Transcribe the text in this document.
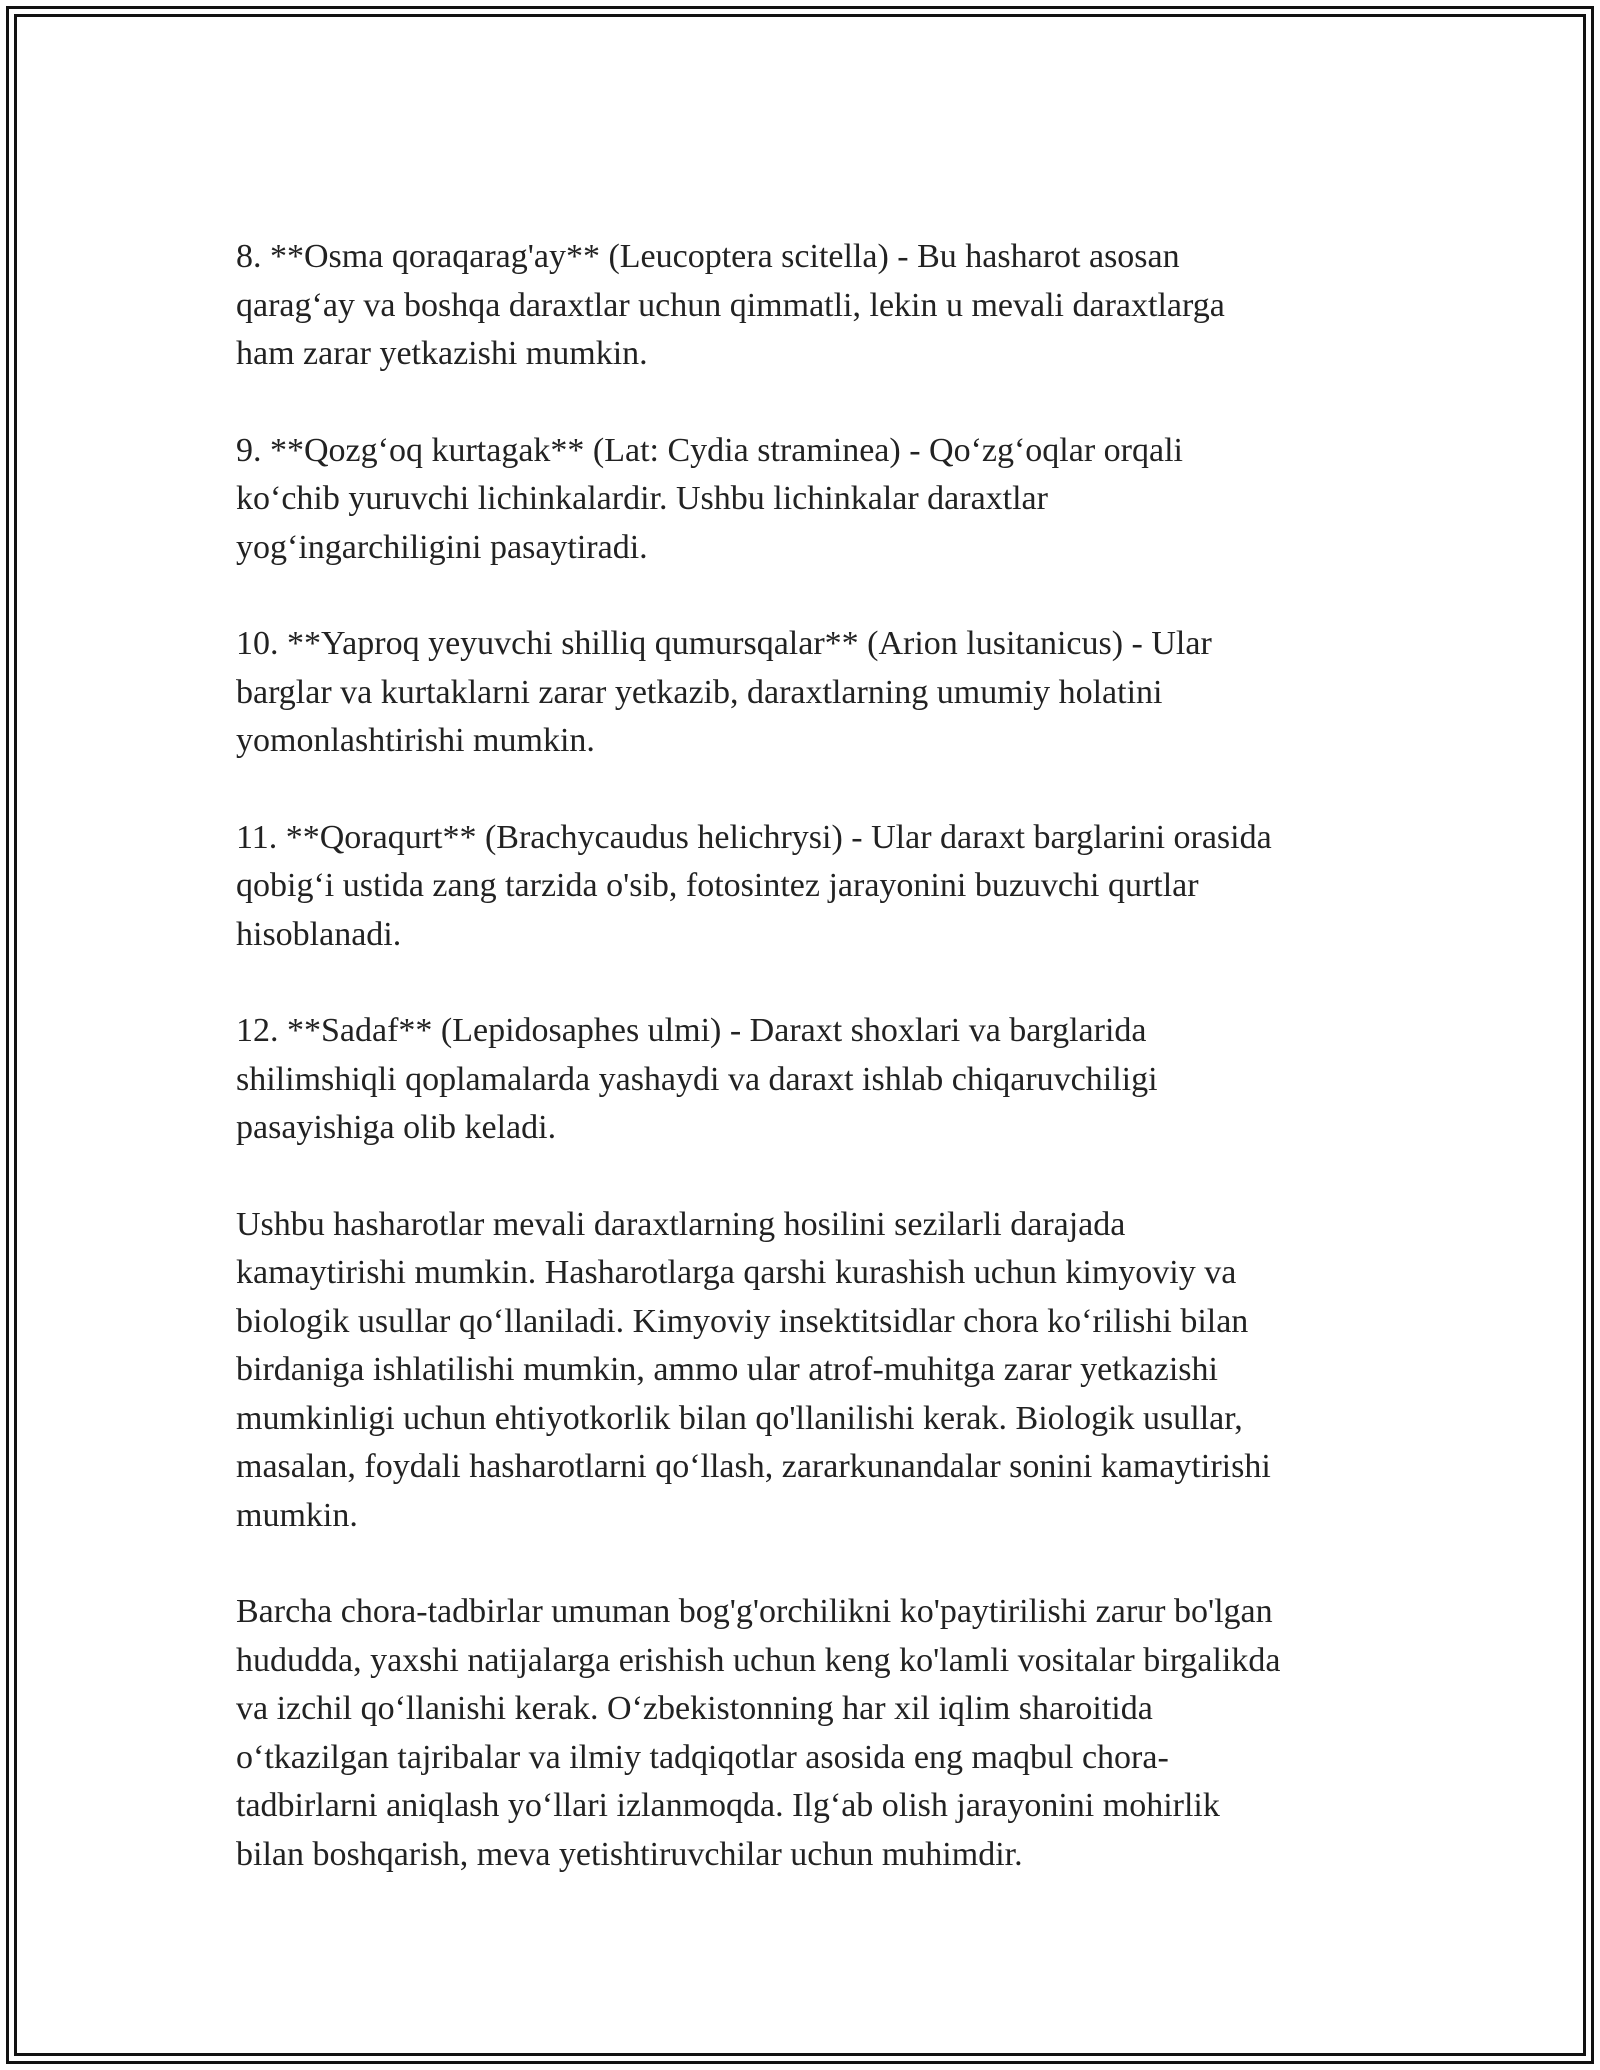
8. **Osma qoraqarag'ay** (Leucoptera scitella) - Bu hasharot asosan
qarag‘ay va boshqa daraxtlar uchun qimmatli, lekin u mevali daraxtlarga
ham zarar yetkazishi mumkin.

9. **Qozg‘oq kurtagak** (Lat: Cydia straminea) - Qo‘zg‘oqlar orqali
ko‘chib yuruvchi lichinkalardir. Ushbu lichinkalar daraxtlar
yog‘ingarchiligini pasaytiradi.

10. **Yaproq yeyuvchi shilliq qumursqalar** (Arion lusitanicus) - Ular
barglar va kurtaklarni zarar yetkazib, daraxtlarning umumiy holatini
yomonlashtirishi mumkin.

11. **Qoraqurt** (Brachycaudus helichrysi) - Ular daraxt barglarini orasida
qobig‘i ustida zang tarzida o'sib, fotosintez jarayonini buzuvchi qurtlar
hisoblanadi.

12. **Sadaf** (Lepidosaphes ulmi) - Daraxt shoxlari va barglarida
shilimshiqli qoplamalarda yashaydi va daraxt ishlab chiqaruvchiligi
pasayishiga olib keladi.

Ushbu hasharotlar mevali daraxtlarning hosilini sezilarli darajada
kamaytirishi mumkin. Hasharotlarga qarshi kurashish uchun kimyoviy va
biologik usullar qo‘llaniladi. Kimyoviy insektitsidlar chora ko‘rilishi bilan
birdaniga ishlatilishi mumkin, ammo ular atrof-muhitga zarar yetkazishi
mumkinligi uchun ehtiyotkorlik bilan qo'llanilishi kerak. Biologik usullar,
masalan, foydali hasharotlarni qo‘llash, zararkunandalar sonini kamaytirishi
mumkin.

Barcha chora-tadbirlar umuman bog'g'orchilikni ko'paytirilishi zarur bo'lgan
hududda, yaxshi natijalarga erishish uchun keng ko'lamli vositalar birgalikda
va izchil qo‘llanishi kerak. O‘zbekistonning har xil iqlim sharoitida
o‘tkazilgan tajribalar va ilmiy tadqiqotlar asosida eng maqbul chora-
tadbirlarni aniqlash yo‘llari izlanmoqda. Ilg‘ab olish jarayonini mohirlik
bilan boshqarish, meva yetishtiruvchilar uchun muhimdir.
